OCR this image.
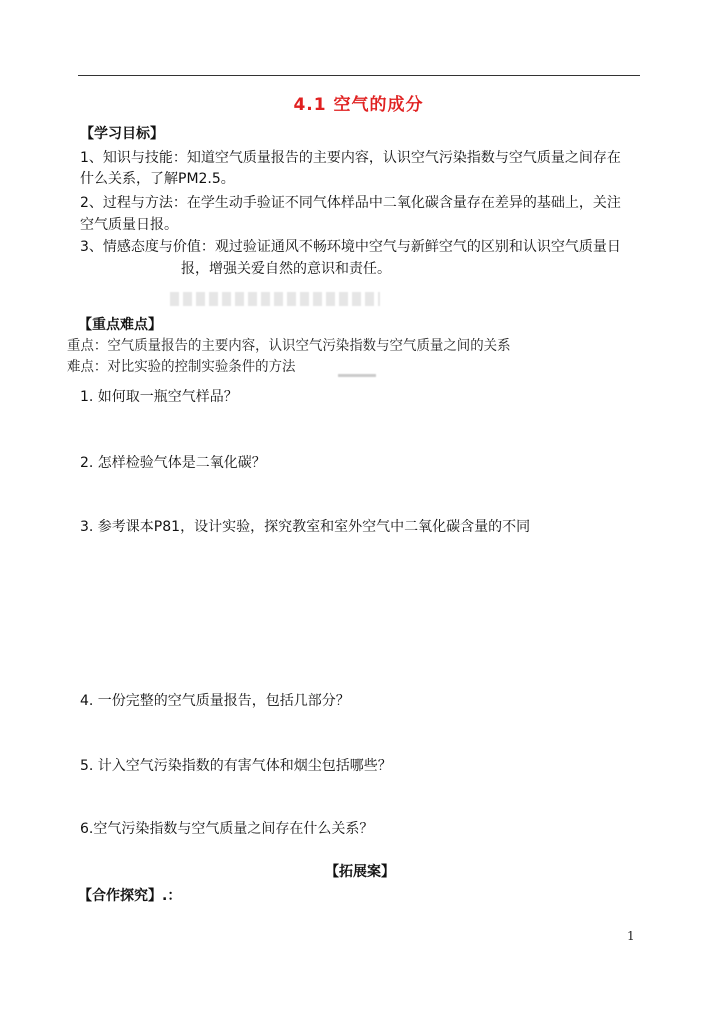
4.1 空气的成分
【学习目标】
1、知识与技能：知道空气质量报告的主要内容，认识空气污染指数与空气质量之间存在
什么关系，了解PM2.5。
2、过程与方法：在学生动手验证不同气体样品中二氧化碳含量存在差异的基础上，关注
空气质量日报。
3、情感态度与价值：观过验证通风不畅环境中空气与新鲜空气的区别和认识空气质量日
报，增强关爱自然的意识和责任。
【重点难点】
重点：空气质量报告的主要内容，认识空气污染指数与空气质量之间的关系
难点：对比实验的控制实验条件的方法
1. 如何取一瓶空气样品？
2. 怎样检验气体是二氧化碳？
3. 参考课本P81，设计实验，探究教室和室外空气中二氧化碳含量的不同
4. 一份完整的空气质量报告，包括几部分？
5. 计入空气污染指数的有害气体和烟尘包括哪些？
6.空气污染指数与空气质量之间存在什么关系？
【拓展案】
【合作探究】.：
1
